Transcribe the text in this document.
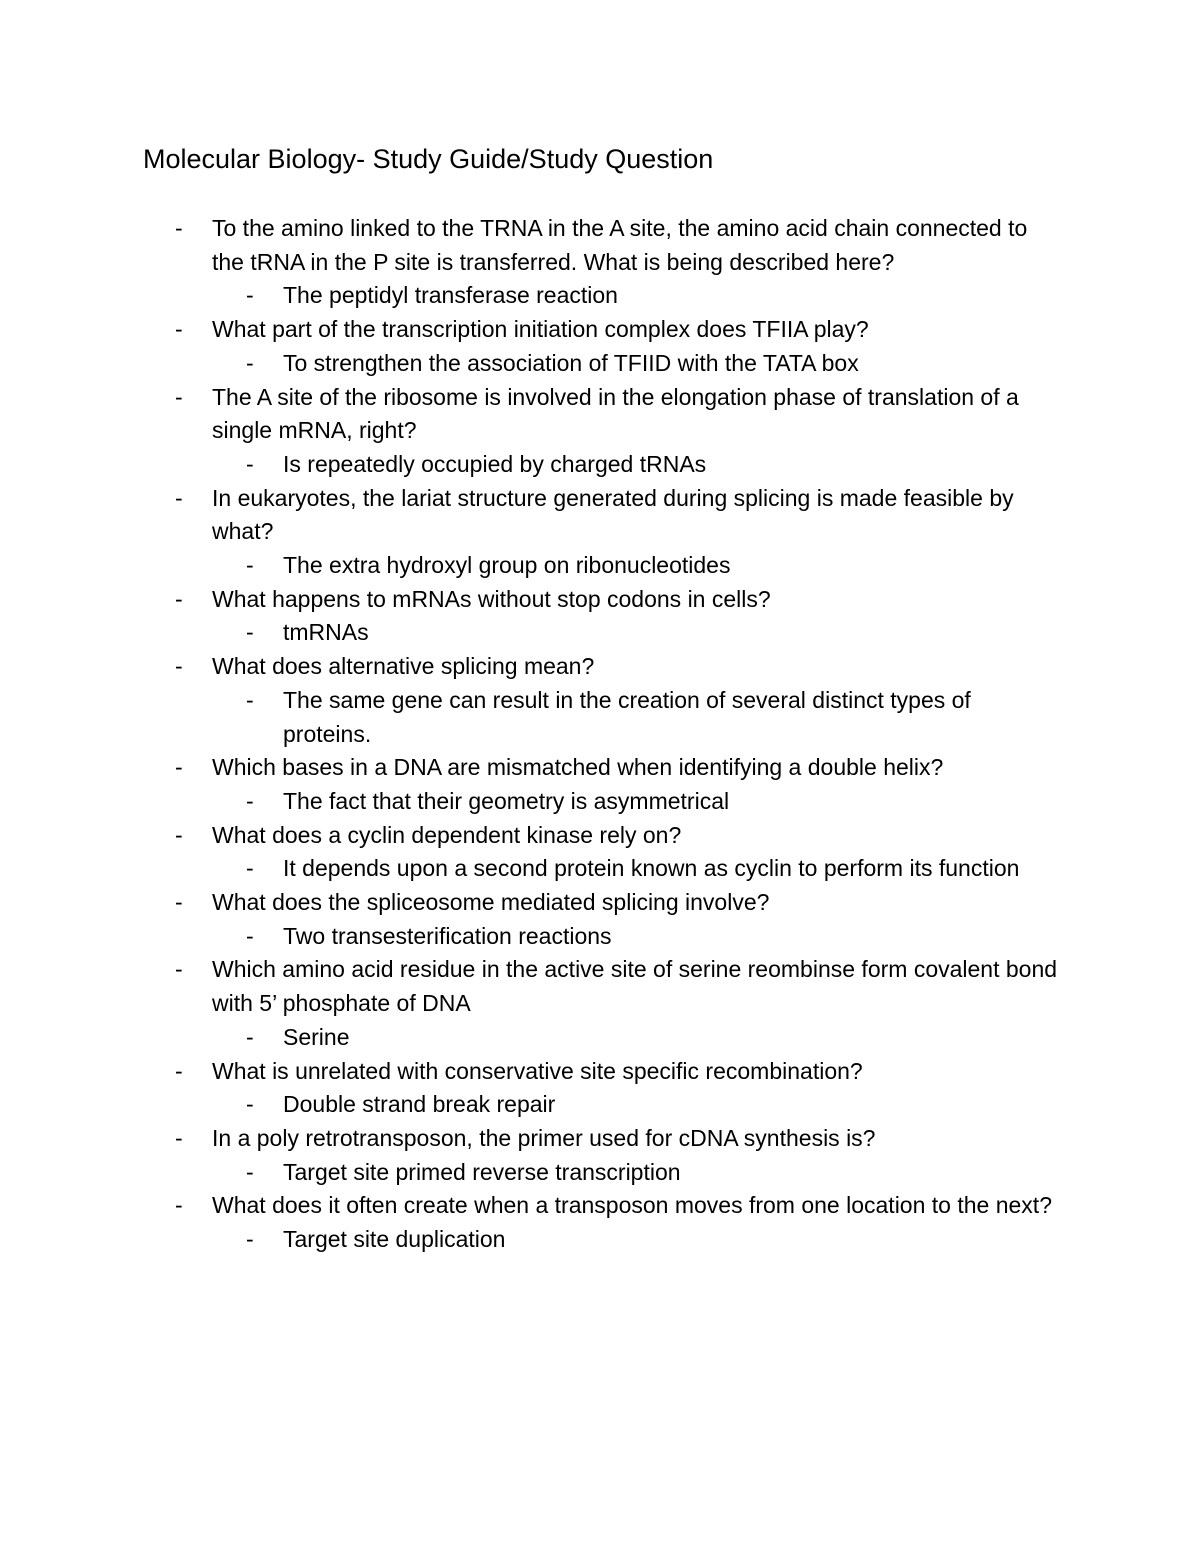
Molecular Biology- Study Guide/Study Question
- To the amino linked to the TRNA in the A site, the amino acid chain connected to the tRNA in the P site is transferred. What is being described here?
- The peptidyl transferase reaction
- What part of the transcription initiation complex does TFIIA play?
- To strengthen the association of TFIID with the TATA box
- The A site of the ribosome is involved in the elongation phase of translation of a single mRNA, right?
- Is repeatedly occupied by charged tRNAs
- In eukaryotes, the lariat structure generated during splicing is made feasible by what?
- The extra hydroxyl group on ribonucleotides
- What happens to mRNAs without stop codons in cells?
- tmRNAs
- What does alternative splicing mean?
- The same gene can result in the creation of several distinct types of proteins.
- Which bases in a DNA are mismatched when identifying a double helix?
- The fact that their geometry is asymmetrical
- What does a cyclin dependent kinase rely on?
- It depends upon a second protein known as cyclin to perform its function
- What does the spliceosome mediated splicing involve?
- Two transesterification reactions
- Which amino acid residue in the active site of serine reombinse form covalent bond with 5’ phosphate of DNA
- Serine
- What is unrelated with conservative site specific recombination?
- Double strand break repair
- In a poly retrotransposon, the primer used for cDNA synthesis is?
- Target site primed reverse transcription
- What does it often create when a transposon moves from one location to the next?
- Target site duplication
